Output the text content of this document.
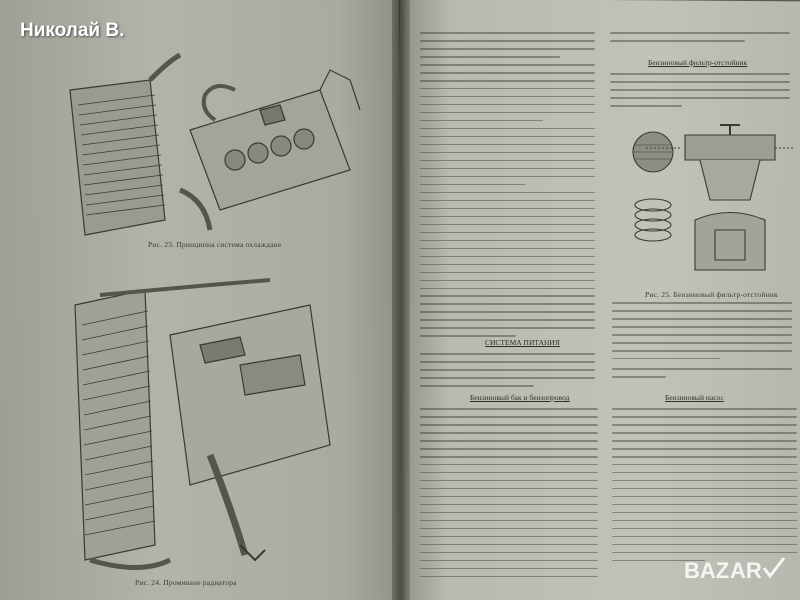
Рис. 23. Принципна система охлаждане
Рис. 24. Промиване радиатора
СИСТЕМА ПИТАНИЯ
Бензиновый бак и бензопровод
Бензиновый фильтр-отстойник
Рис. 25. Бензиновый фильтр-отстойник
Бензиновый насос
Николай В.
BAZ AR
